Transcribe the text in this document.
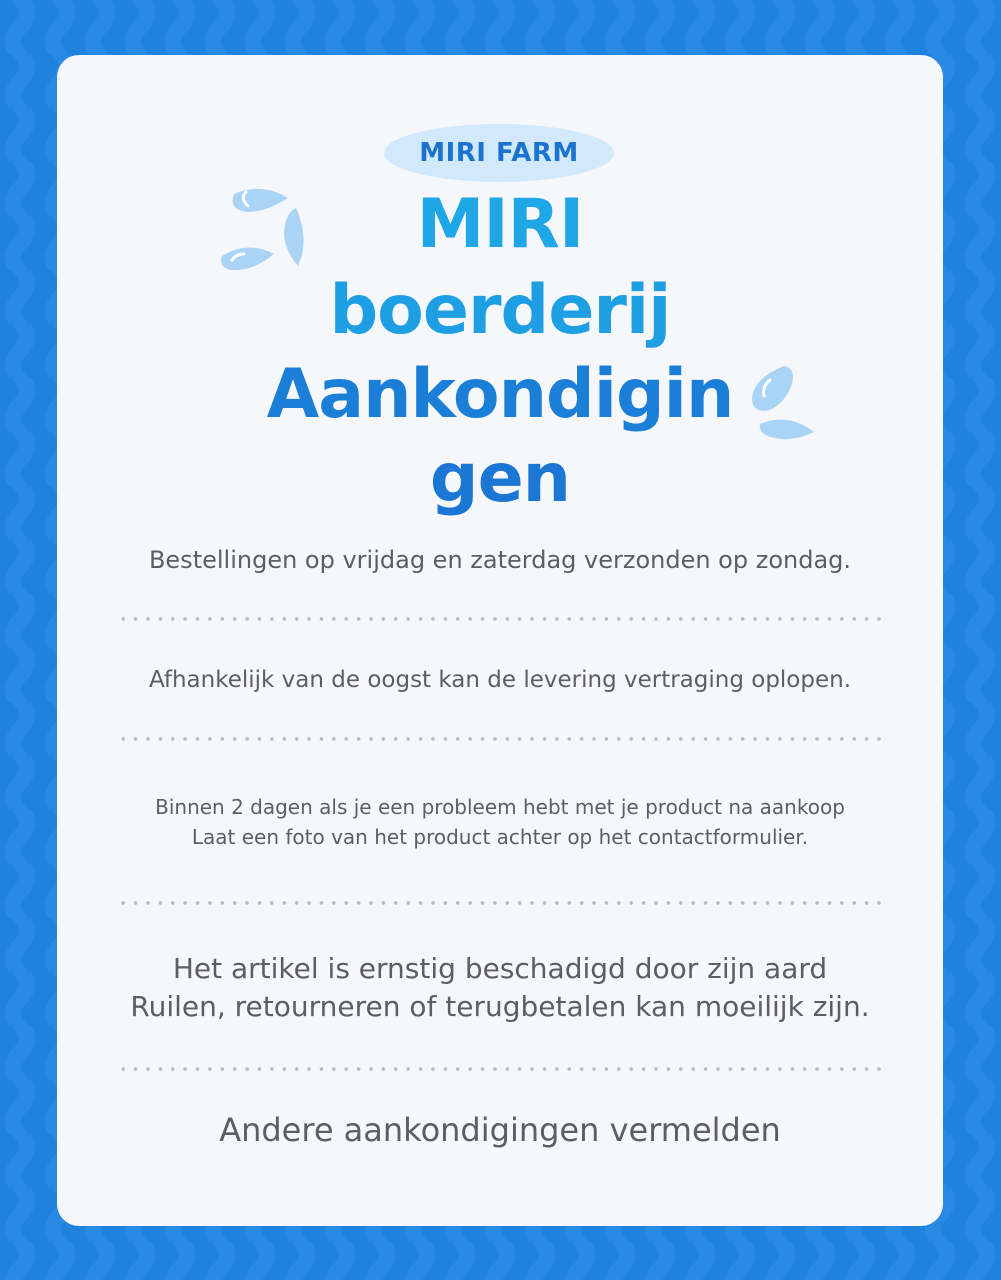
MIRI FARM
MIRI
boerderij
Aankondigin
gen
Bestellingen op vrijdag en zaterdag verzonden op zondag.
Afhankelijk van de oogst kan de levering vertraging oplopen.
Binnen 2 dagen als je een probleem hebt met je product na aankoop
Laat een foto van het product achter op het contactformulier.
Het artikel is ernstig beschadigd door zijn aard
Ruilen, retourneren of terugbetalen kan moeilijk zijn.
Andere aankondigingen vermelden
